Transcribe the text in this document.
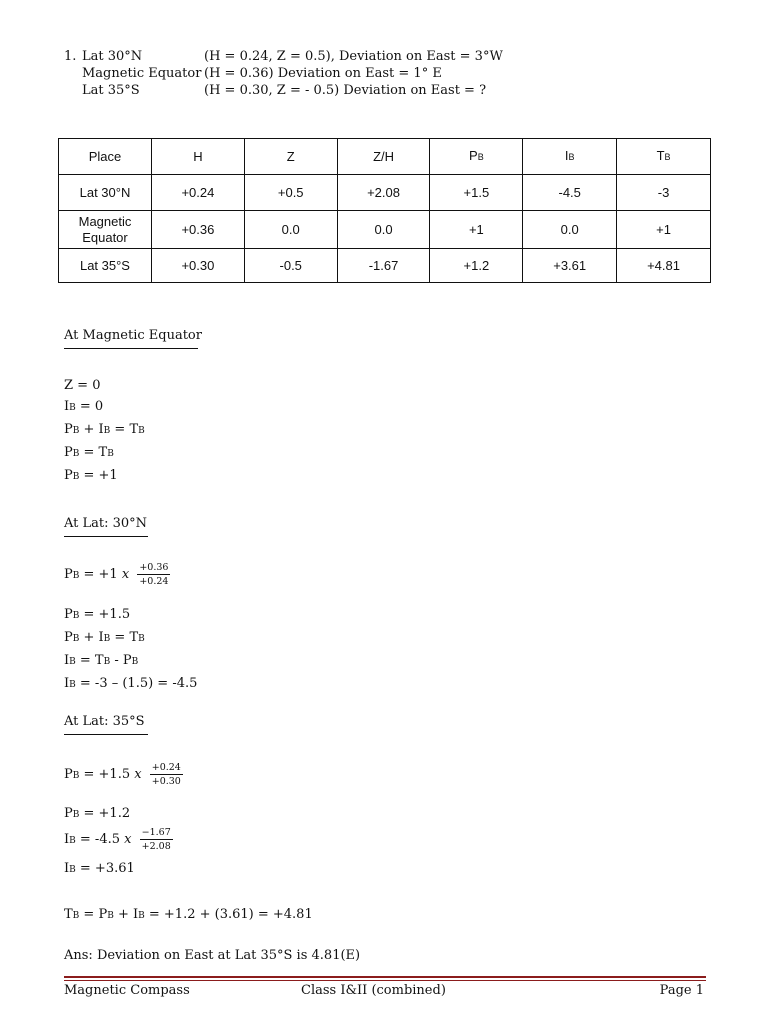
1. Lat 30°N	(H = 0.24, Z = 0.5), Deviation on East = 3°W
Magnetic Equator (H = 0.36) Deviation on East = 1° E
Lat 35°S	(H = 0.30, Z = - 0.5) Deviation on East = ?
Place	H	Z	Z/H	PB	IB	TB
Lat 30°N	+0.24	+0.5	+2.08	+1.5	-4.5	-3
Magnetic Equator	+0.36	0.0	0.0	+1	0.0	+1
Lat 35°S	+0.30	-0.5	-1.67	+1.2	+3.61	+4.81
At Magnetic Equator
Z = 0
IB = 0
PB + IB = TB
PB = TB
PB = +1
At Lat: 30°N
PB = +1 x $\frac{+0.36}{+0.24}$
PB = +1.5
PB + IB = TB
IB = TB - PB
IB = -3 – (1.5) = -4.5
At Lat: 35°S
PB = +1.5 x $\frac{+0.24}{+0.30}$
PB = +1.2
IB = -4.5 x $\frac{-1.67}{+2.08}$
IB = +3.61
TB = PB + IB = +1.2 + (3.61) = +4.81
Ans: Deviation on East at Lat 35°S is 4.81(E)
Magnetic Compass	Class I&II (combined)	Page 1
